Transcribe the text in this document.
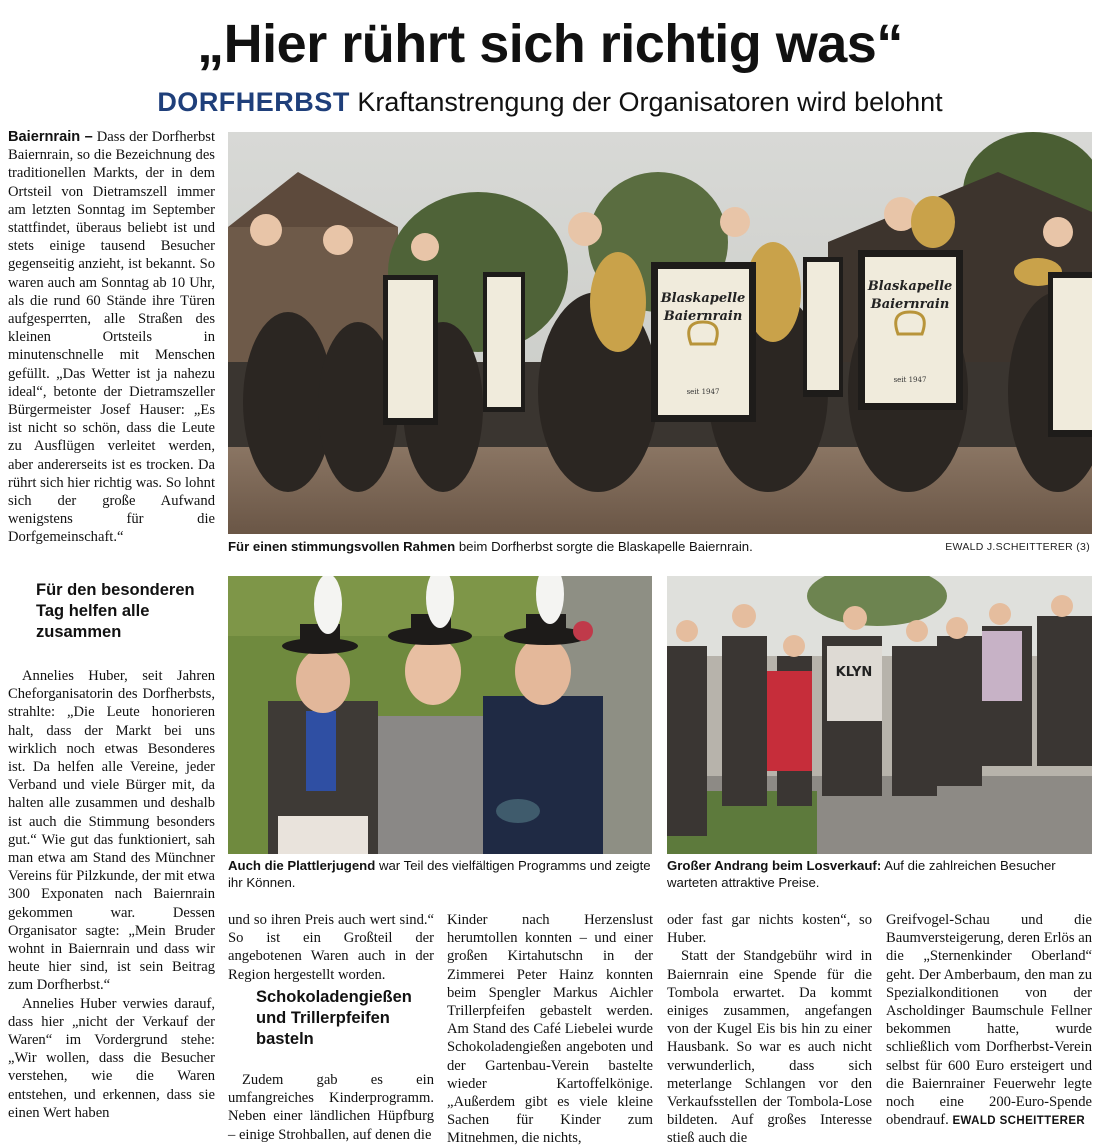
„Hier rührt sich richtig was“
DORFHERBST Kraftanstrengung der Organisatoren wird belohnt

Baiernrain – Dass der Dorfherbst Baiernrain, so die Bezeichnung des traditionellen Markts, der in dem Ortsteil von Dietramszell immer am letzten Sonntag im September stattfindet, überaus beliebt ist und stets einige tausend Besucher gegenseitig anzieht, ist bekannt. So waren auch am Sonntag ab 10 Uhr, als die rund 60 Stände ihre Türen aufgesperrten, alle Straßen des kleinen Ortsteils in minutenschnelle mit Menschen gefüllt. „Das Wetter ist ja nahezu ideal“, betonte der Dietramszeller Bürgermeister Josef Hauser: „Es ist nicht so schön, dass die Leute zu Ausflügen verleitet werden, aber andererseits ist es trocken. Da rührt sich hier richtig was. So lohnt sich der große Aufwand wenigstens für die Dorfgemeinschaft.“

Für den besonderen Tag helfen alle zusammen

Annelies Huber, seit Jahren Cheforganisatorin des Dorfherbsts, strahlte: „Die Leute honorieren halt, dass der Markt bei uns wirklich noch etwas Besonderes ist. Da helfen alle Vereine, jeder Verband und viele Bürger mit, da halten alle zusammen und deshalb ist auch die Stimmung besonders gut.“ Wie gut das funktioniert, sah man etwa am Stand des Münchner Vereins für Pilzkunde, der mit etwa 300 Exponaten nach Baiernrain gekommen war. Dessen Organisator sagte: „Mein Bruder wohnt in Baiernrain und dass wir heute hier sind, ist sein Beitrag zum Dorfherbst.“

Annelies Huber verwies darauf, dass hier „nicht der Verkauf der Waren“ im Vordergrund stehe: „Wir wollen, dass die Besucher verstehen, wie die Waren entstehen, und erkennen, dass sie einen Wert haben

Blaskapelle
Baiernrain
seit 1947
Blaskapelle
Baiernrain
seit 1947
Für einen stimmungsvollen Rahmen beim Dorfherbst sorgte die Blaskapelle Baiernrain.	EWALD J.SCHEITTERER (3)
Auch die Plattlerjugend war Teil des vielfältigen Programms und zeigte ihr Können.
KLYN
Großer Andrang beim Losverkauf: Auf die zahlreichen Besucher warteten attraktive Preise.

und so ihren Preis auch wert sind.“ So ist ein Großteil der angebotenen Waren auch in der Region hergestellt worden.

Schokoladengießen und Trillerpfeifen basteln

Zudem gab es ein umfangreiches Kinderprogramm. Neben einer ländlichen Hüpfburg – einige Strohballen, auf denen die

Kinder nach Herzenslust herumtollen konnten – und einer großen Kirtahutschn in der Zimmerei Peter Hainz konnten beim Spengler Markus Aichler Trillerpfeifen gebastelt werden. Am Stand des Café Liebelei wurde Schokoladengießen angeboten und der Gartenbau-Verein bastelte wieder Kartoffelkönige. „Außerdem gibt es viele kleine Sachen für Kinder zum Mitnehmen, die nichts,

oder fast gar nichts kosten“, so Huber.

Statt der Standgebühr wird in Baiernrain eine Spende für die Tombola erwartet. Da kommt einiges zusammen, angefangen von der Kugel Eis bis hin zu einer Hausbank. So war es auch nicht verwunderlich, dass sich meterlange Schlangen vor den Verkaufsstellen der Tombola-Lose bildeten. Auf großes Interesse stieß auch die

Greifvogel-Schau und die Baumversteigerung, deren Erlös an die „Sternenkinder Oberland“ geht. Der Amberbaum, den man zu Spezialkonditionen von der Ascholdinger Baumschule Fellner bekommen hatte, wurde schließlich vom Dorfherbst-Verein selbst für 600 Euro ersteigert und die Baiernrainer Feuerwehr legte noch eine 200-Euro-Spende obendrauf. EWALD SCHEITTERER
